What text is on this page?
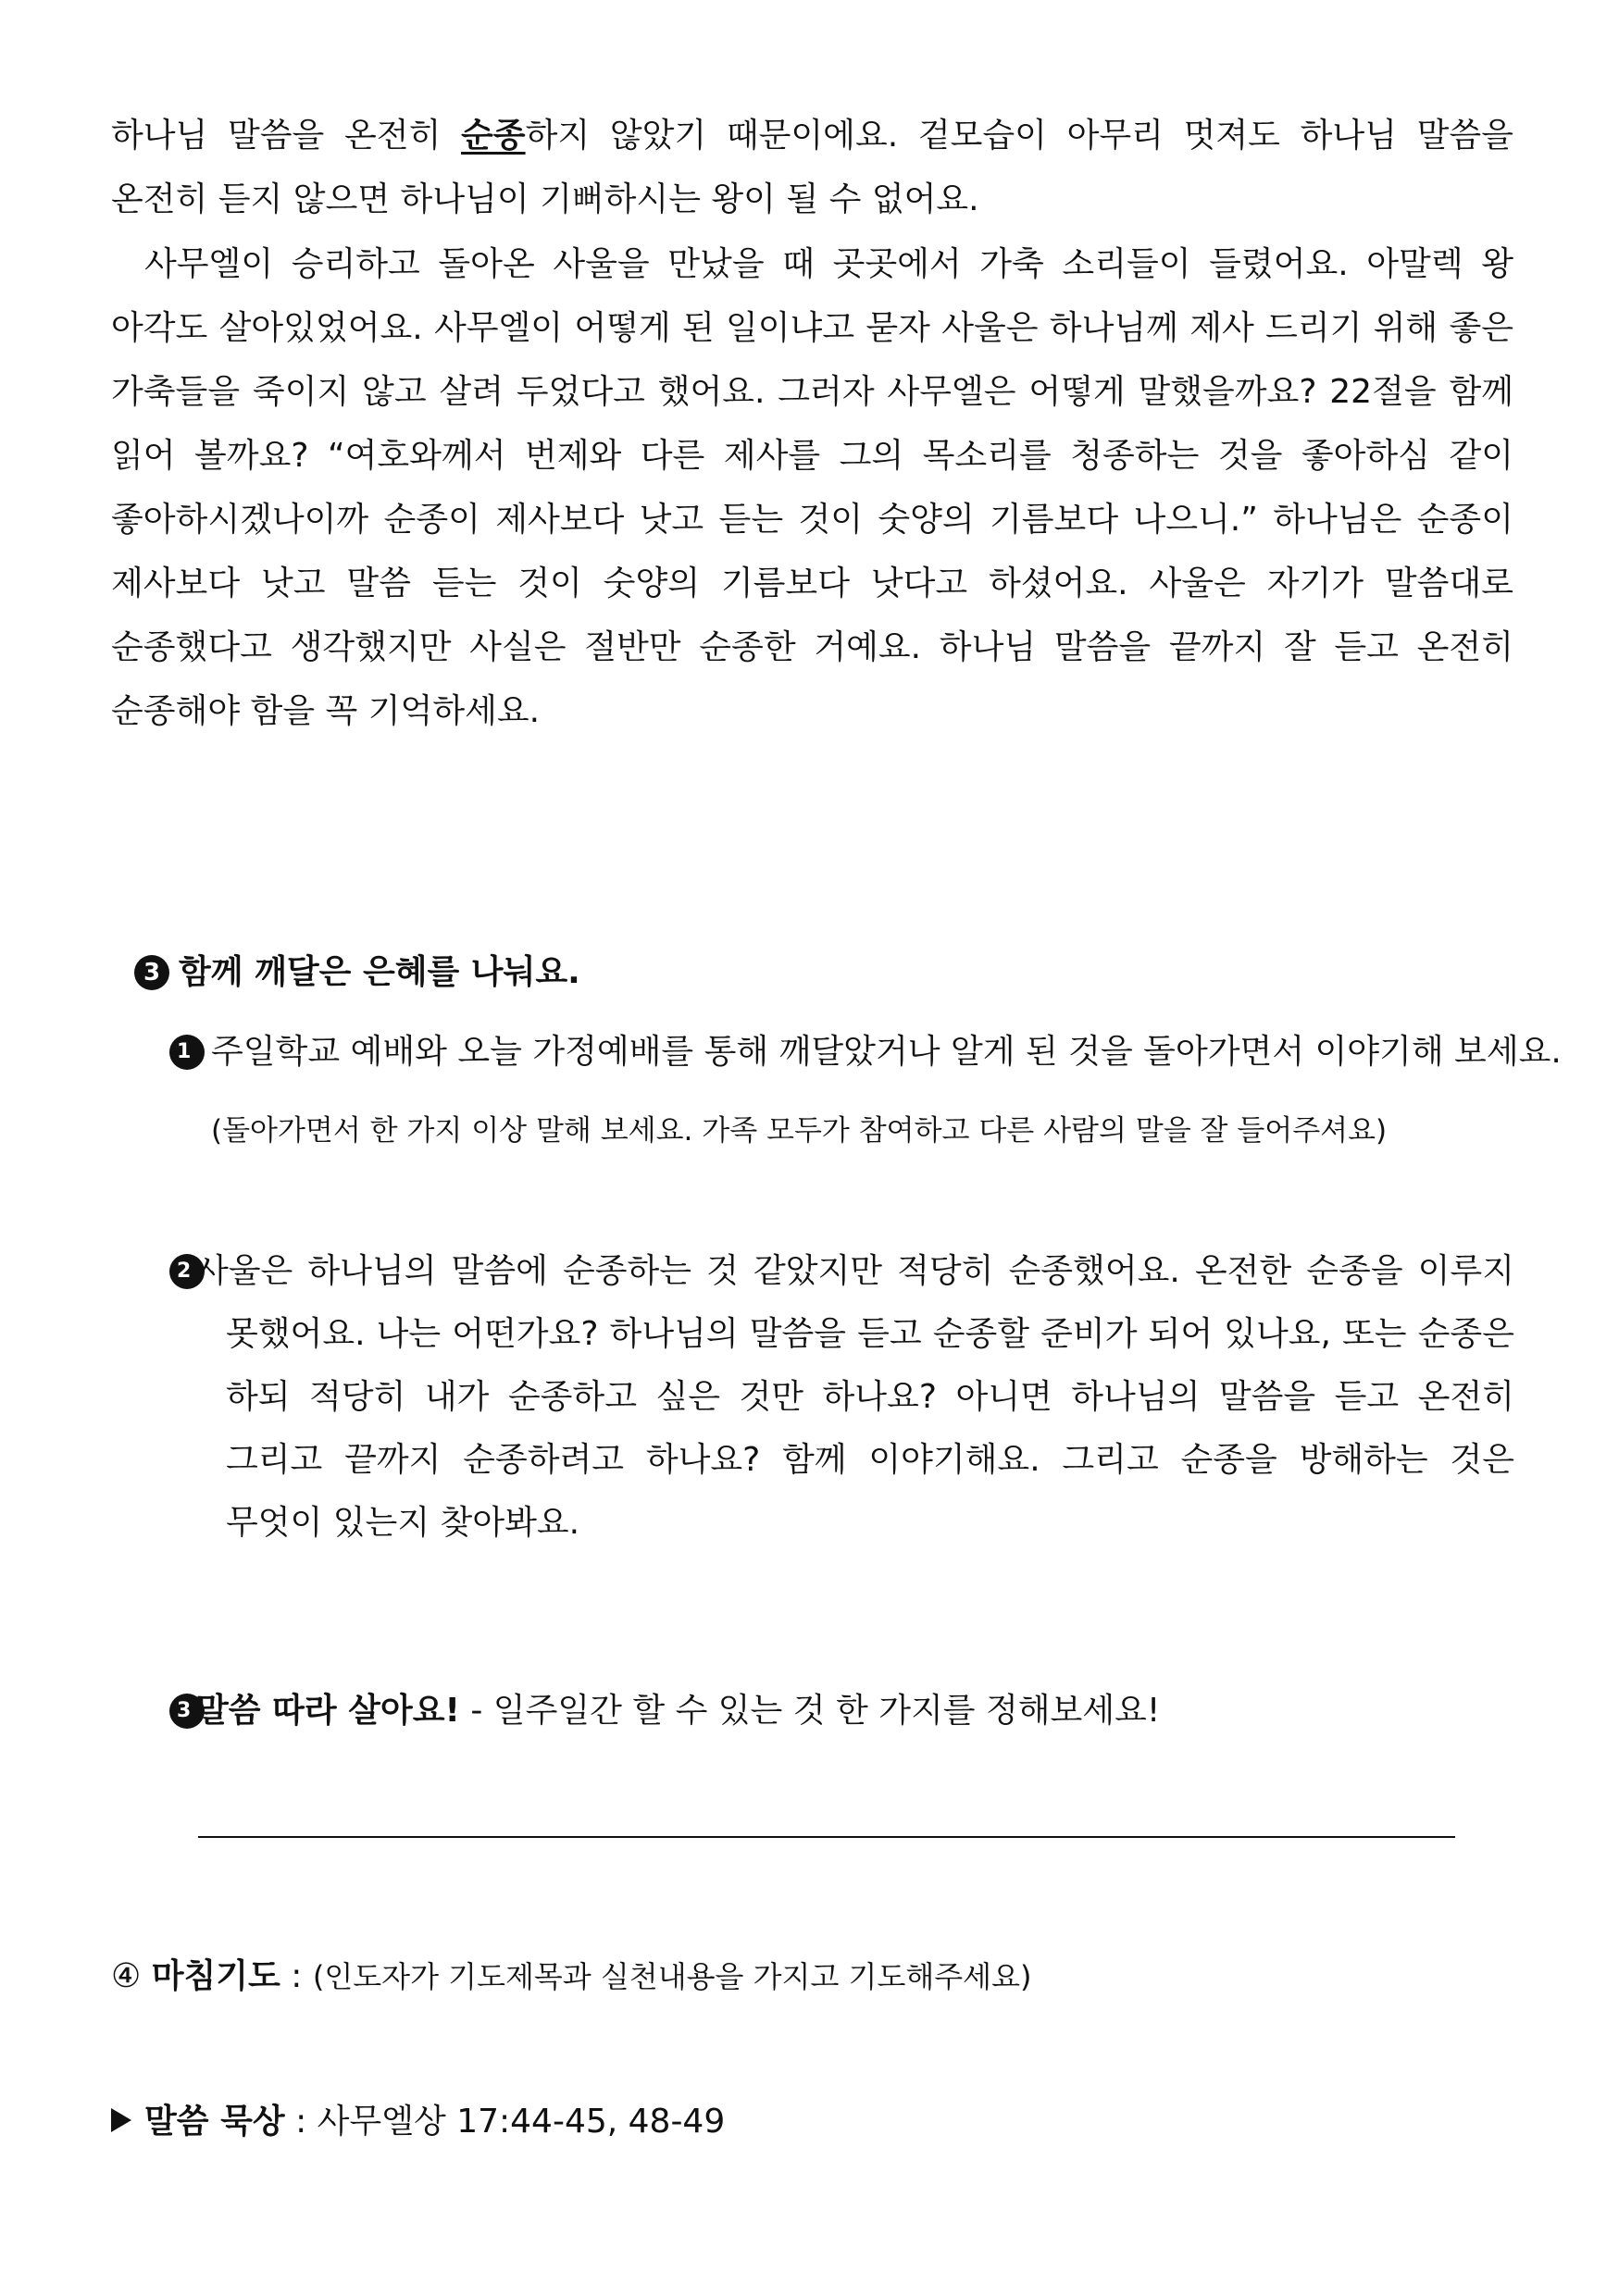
하나님 말씀을 온전히 순종하지 않았기 때문이에요. 겉모습이 아무리 멋져도 하나님 말씀을 온전히 듣지 않으면 하나님이 기뻐하시는 왕이 될 수 없어요.

사무엘이 승리하고 돌아온 사울을 만났을 때 곳곳에서 가축 소리들이 들렸어요. 아말렉 왕 아각도 살아있었어요. 사무엘이 어떻게 된 일이냐고 묻자 사울은 하나님께 제사 드리기 위해 좋은 가축들을 죽이지 않고 살려 두었다고 했어요. 그러자 사무엘은 어떻게 말했을까요? 22절을 함께 읽어 볼까요? “여호와께서 번제와 다른 제사를 그의 목소리를 청종하는 것을 좋아하심 같이 좋아하시겠나이까 순종이 제사보다 낫고 듣는 것이 숫양의 기름보다 나으니.” 하나님은 순종이 제사보다 낫고 말씀 듣는 것이 숫양의 기름보다 낫다고 하셨어요. 사울은 자기가 말씀대로 순종했다고 생각했지만 사실은 절반만 순종한 거예요. 하나님 말씀을 끝까지 잘 듣고 온전히 순종해야 함을 꼭 기억하세요.

3 함께 깨달은 은혜를 나눠요.
1 주일학교 예배와 오늘 가정예배를 통해 깨달았거나 알게 된 것을 돌아가면서 이야기해 보세요.

(돌아가면서 한 가지 이상 말해 보세요. 가족 모두가 참여하고 다른 사람의 말을 잘 들어주셔요)
2 사울은 하나님의 말씀에 순종하는 것 같았지만 적당히 순종했어요. 온전한 순종을 이루지 못했어요. 나는 어떤가요? 하나님의 말씀을 듣고 순종할 준비가 되어 있나요, 또는 순종은 하되 적당히 내가 순종하고 싶은 것만 하나요? 아니면 하나님의 말씀을 듣고 온전히 그리고 끝까지 순종하려고 하나요? 함께 이야기해요. 그리고 순종을 방해하는 것은 무엇이 있는지 찾아봐요.

3 말씀 따라 살아요! - 일주일간 할 수 있는 것 한 가지를 정해보세요!
④ 마침기도 : (인도자가 기도제목과 실천내용을 가지고 기도해주세요)
말씀 묵상 : 사무엘상 17:44-45, 48-49
